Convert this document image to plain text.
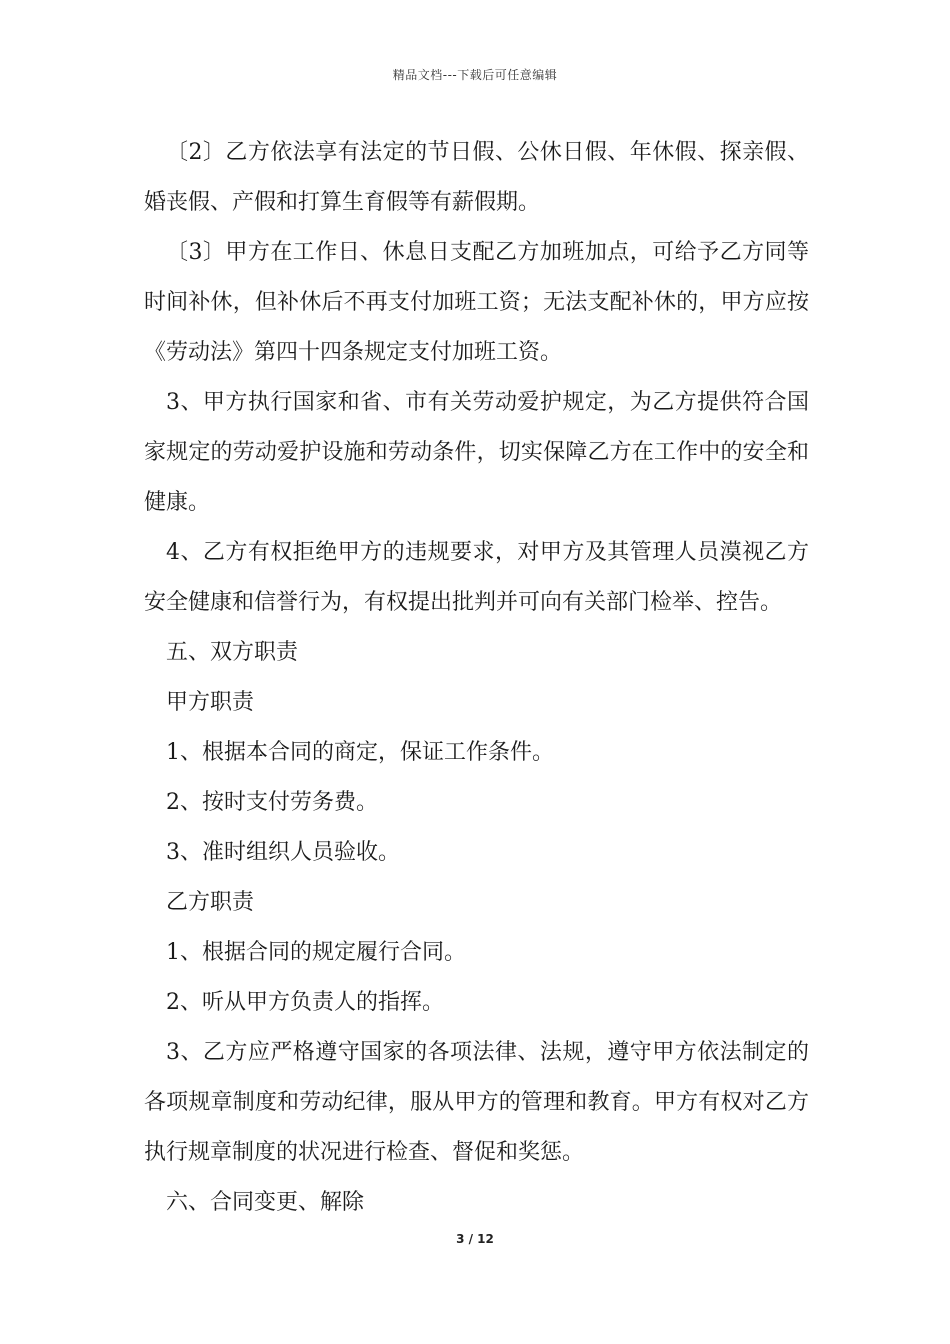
精品文档---下载后可任意编辑

〔2〕乙方依法享有法定的节日假、公休日假、年休假、探亲假、婚丧假、产假和打算生育假等有薪假期。

〔3〕甲方在工作日、休息日支配乙方加班加点，可给予乙方同等时间补休，但补休后不再支付加班工资；无法支配补休的，甲方应按《劳动法》第四十四条规定支付加班工资。

3、甲方执行国家和省、市有关劳动爱护规定，为乙方提供符合国家规定的劳动爱护设施和劳动条件，切实保障乙方在工作中的安全和健康。

4、乙方有权拒绝甲方的违规要求，对甲方及其管理人员漠视乙方安全健康和信誉行为，有权提出批判并可向有关部门检举、控告。

五、双方职责

甲方职责

1、根据本合同的商定，保证工作条件。

2、按时支付劳务费。

3、准时组织人员验收。

乙方职责

1、根据合同的规定履行合同。

2、听从甲方负责人的指挥。

3、乙方应严格遵守国家的各项法律、法规，遵守甲方依法制定的各项规章制度和劳动纪律，服从甲方的管理和教育。甲方有权对乙方执行规章制度的状况进行检查、督促和奖惩。

六、合同变更、解除

3 / 12
